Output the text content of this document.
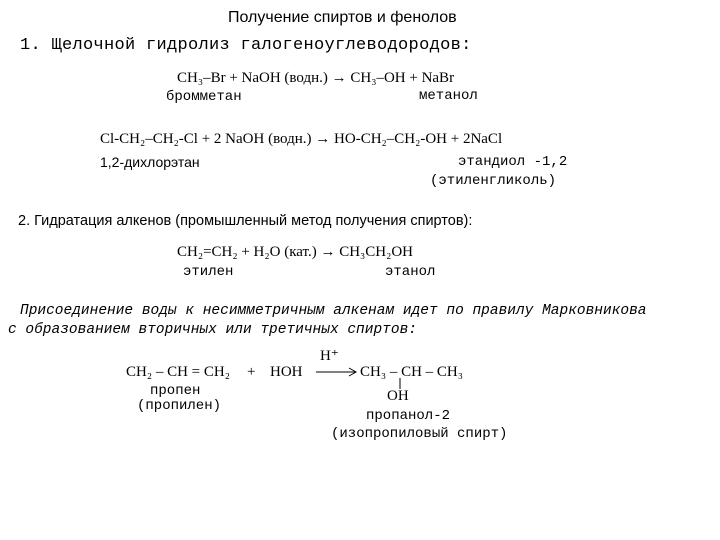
Получение спиртов и фенолов
1. Щелочной гидролиз галогеноуглеводородов:
CH₃–Br + NaOH (водн.) → CH₃–OH + NaBr
бромметан	метанол
Cl-CH₂–CH₂-Cl + 2 NaOH (водн.) → HO-CH₂–CH₂-OH + 2NaCl
1,2-дихлорэтан	этандиол -1,2
(этиленгликоль)
2. Гидратация алкенов (промышленный метод получения спиртов):
CH₂=CH₂ + H₂O (кат.) → CH₃CH₂OH
этилен	этанол
Присоединение воды к несимметричным алкенам идет по правилу Марковникова
с образованием вторичных или третичных спиртов:
CH₂ – CH = CH₂ + HOH
H⁺
→ CH₃ – CH – CH₃
OH
пропен
(пропилен)
пропанол-2
(изопропиловый спирт)
